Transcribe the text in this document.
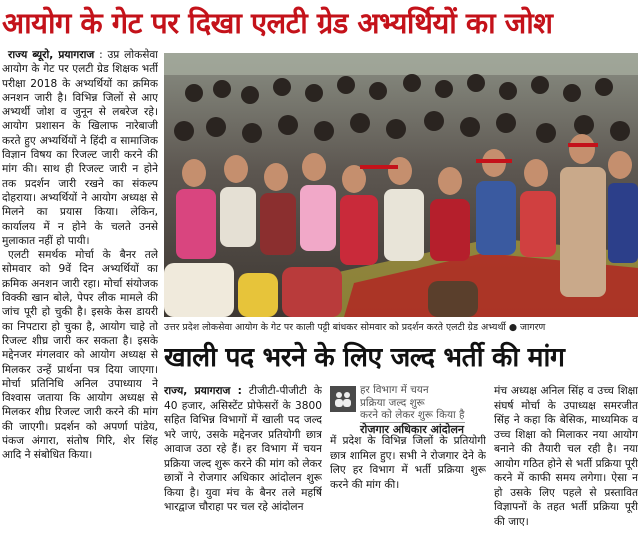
आयोग के गेट पर दिखा एलटी ग्रेड अभ्यर्थियों का जोश

राज्य ब्यूरो, प्रयागराज : उप्र लोकसेवा आयोग के गेट पर एलटी ग्रेड शिक्षक भर्ती परीक्षा 2018 के अभ्यर्थियों का क्रमिक अनशन जारी है। विभिन्न जिलों से आए अभ्यर्थी जोश व जुनून से लबरेज रहे। आयोग प्रशासन के खिलाफ नारेबाजी करते हुए अभ्यर्थियों ने हिंदी व सामाजिक विज्ञान विषय का रिजल्ट जारी करने की मांग की। साथ ही रिजल्ट जारी न होने तक प्रदर्शन जारी रखने का संकल्प दोहराया। अभ्यर्थियों ने आयोग अध्यक्ष से मिलने का प्रयास किया। लेकिन, कार्यालय में न होने के चलते उनसे मुलाकात नहीं हो पायी।

एलटी समर्थक मोर्चा के बैनर तले सोमवार को 9वें दिन अभ्यर्थियों का क्रमिक अनशन जारी रहा। मोर्चा संयोजक विक्की खान बोले, पेपर लीक मामले की जांच पूरी हो चुकी है। इसके केस डायरी का निपटारा हो चुका है, आयोग चाहे तो रिजल्ट शीघ्र जारी कर सकता है। इसके मद्देनजर मंगलवार को आयोग अध्यक्ष से मिलकर उन्हें प्रार्थना पत्र दिया जाएगा। मोर्चा प्रतिनिधि अनिल उपाध्याय ने विश्वास जताया कि आयोग अध्यक्ष से मिलकर शीघ्र रिजल्ट जारी करने की मांग की जाएगी। प्रदर्शन को अपर्णा पांडेय, पंकज अंगारा, संतोष गिरि, शेर सिंह आदि ने संबोधित किया।

उत्तर प्रदेश लोकसेवा आयोग के गेट पर काली पट्टी बांधकर सोमवार को प्रदर्शन करते एलटी ग्रेड अभ्यर्थी ● जागरण
खाली पद भरने के लिए जल्द भर्ती की मांग

राज्य, प्रयागराज : टीजीटी-पीजीटी के 40 हजार, असिस्टेंट प्रोफेसरों के 3800 सहित विभिन्न विभागों में खाली पद जल्द भरे जाएं, उसके मद्देनजर प्रतियोगी छात्र आवाज उठा रहे हैं। हर विभाग में चयन प्रक्रिया जल्द शुरू करने की मांग को लेकर छात्रों ने रोजगार अधिकार आंदोलन शुरू किया है। युवा मंच के बैनर तले महर्षि भारद्वाज चौराहा पर चल रहे आंदोलन

हर विभाग में चयन
प्रक्रिया जल्द शुरू
करने को लेकर शुरू किया है
रोजगार अधिकार आंदोलन

में प्रदेश के विभिन्न जिलों के प्रतियोगी छात्र शामिल हुए। सभी ने रोजगार देने के लिए हर विभाग में भर्ती प्रक्रिया शुरू करने की मांग की।

मंच अध्यक्ष अनिल सिंह व उच्च शिक्षा संघर्ष मोर्चा के उपाध्यक्ष समरजीत सिंह ने कहा कि बेसिक, माध्यमिक व उच्च शिक्षा को मिलाकर नया आयोग बनाने की तैयारी चल रही है। नया आयोग गठित होने से भर्ती प्रक्रिया पूरी करने में काफी समय लगेगा। ऐसा न हो उसके लिए पहले से प्रस्तावित विज्ञापनों के तहत भर्ती प्रक्रिया पूरी की जाए।
